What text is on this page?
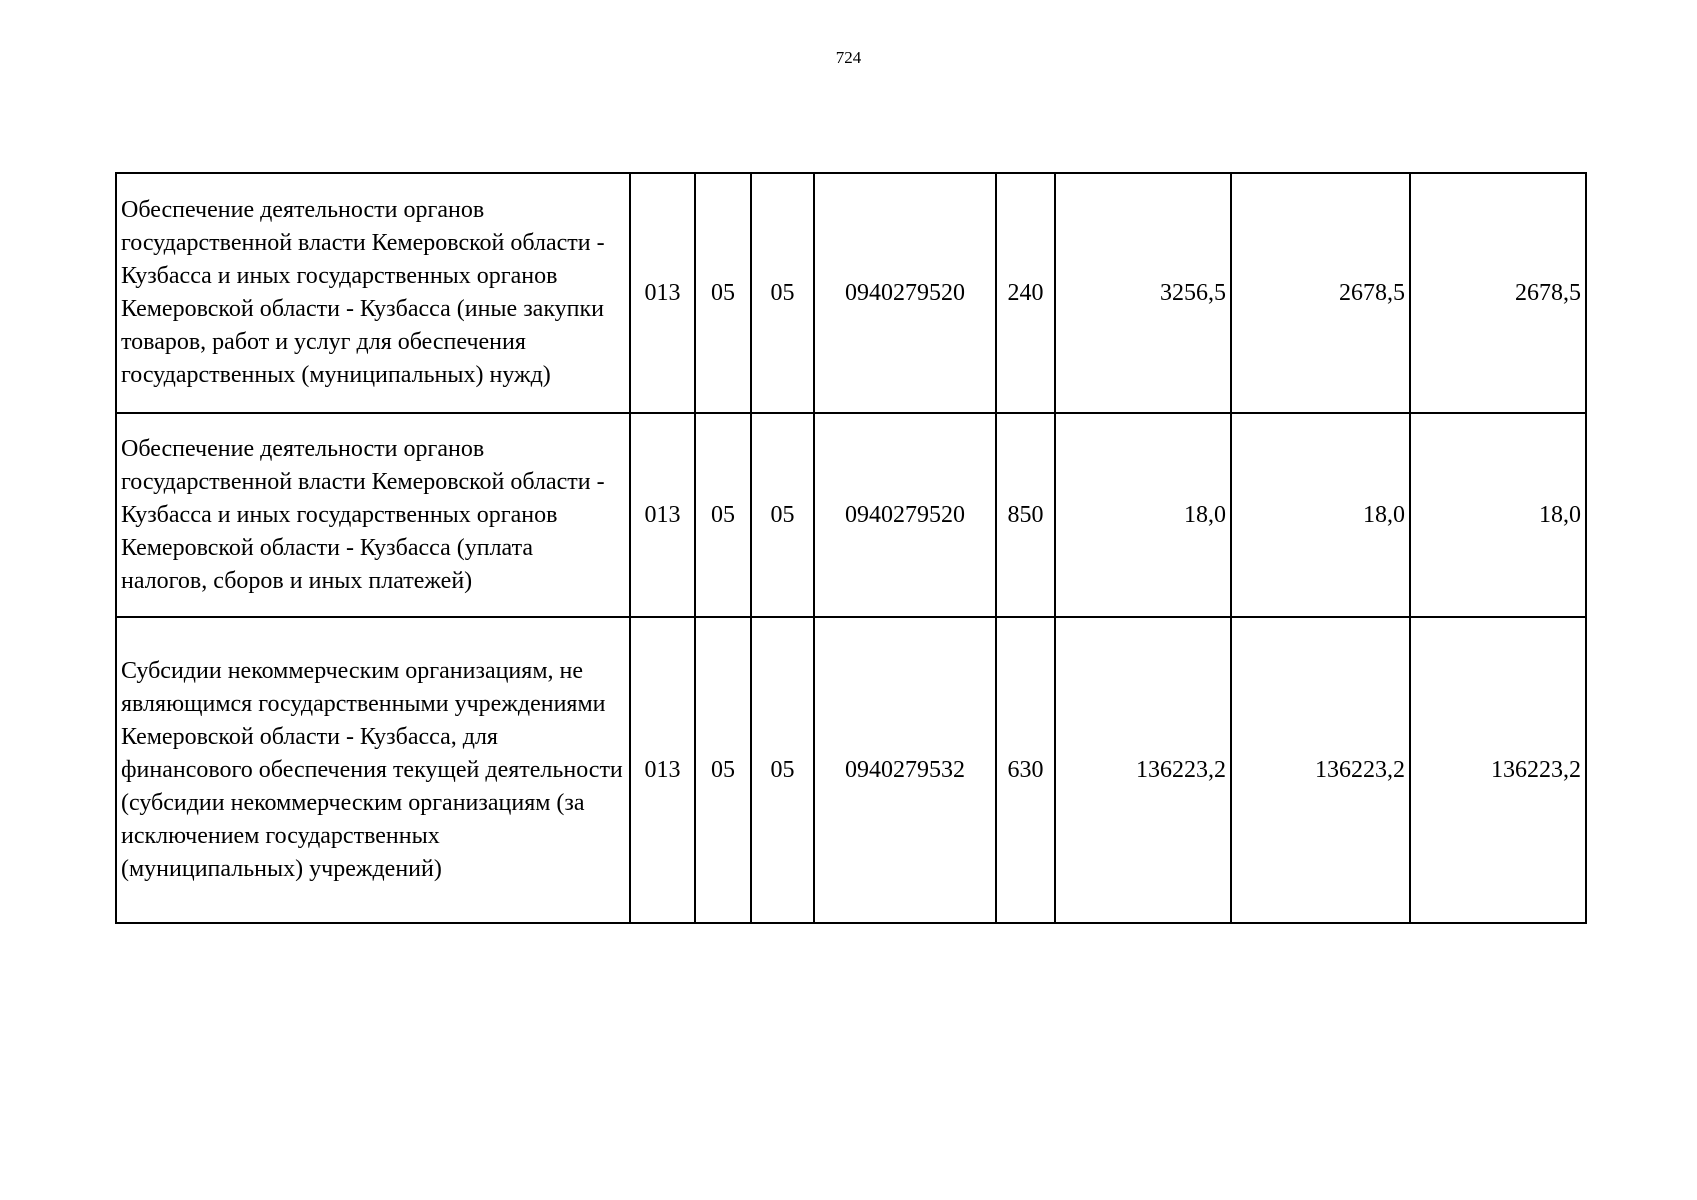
724
Обеспечение деятельности органов государственной власти Кемеровской области - Кузбасса и иных государственных органов Кемеровской области - Кузбасса (иные закупки товаров, работ и услуг для обеспечения государственных (муниципальных) нужд)	013	05	05	0940279520	240	3256,5	2678,5	2678,5
Обеспечение деятельности органов государственной власти Кемеровской области - Кузбасса и иных государственных органов Кемеровской области - Кузбасса (уплата налогов, сборов и иных платежей)	013	05	05	0940279520	850	18,0	18,0	18,0
Субсидии некоммерческим организациям, не являющимся государственными учреждениями Кемеровской области - Кузбасса, для финансового обеспечения текущей деятельности (субсидии некоммерческим организациям (за исключением государственных (муниципальных) учреждений)	013	05	05	0940279532	630	136223,2	136223,2	136223,2
